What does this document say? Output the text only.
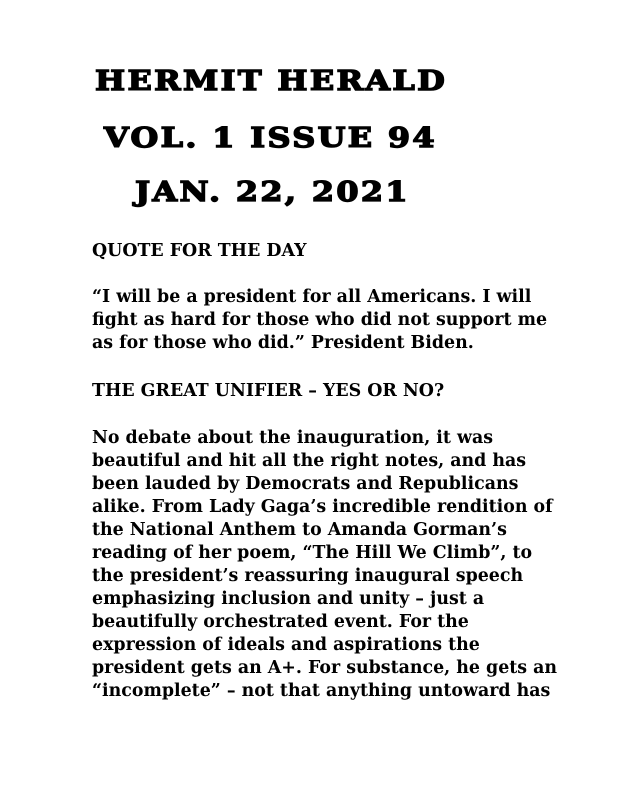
HERMIT HERALD
VOL. 1 ISSUE 94
JAN. 22, 2021
QUOTE FOR THE DAY
“I will be a president for all Americans. I will
fight as hard for those who did not support me
as for those who did.” President Biden.
THE GREAT UNIFIER – YES OR NO?
No debate about the inauguration, it was
beautiful and hit all the right notes, and has
been lauded by Democrats and Republicans
alike. From Lady Gaga’s incredible rendition of
the National Anthem to Amanda Gorman’s
reading of her poem, “The Hill We Climb”, to
the president’s reassuring inaugural speech
emphasizing inclusion and unity – just a
beautifully orchestrated event. For the
expression of ideals and aspirations the
president gets an A+. For substance, he gets an
“incomplete” – not that anything untoward has
